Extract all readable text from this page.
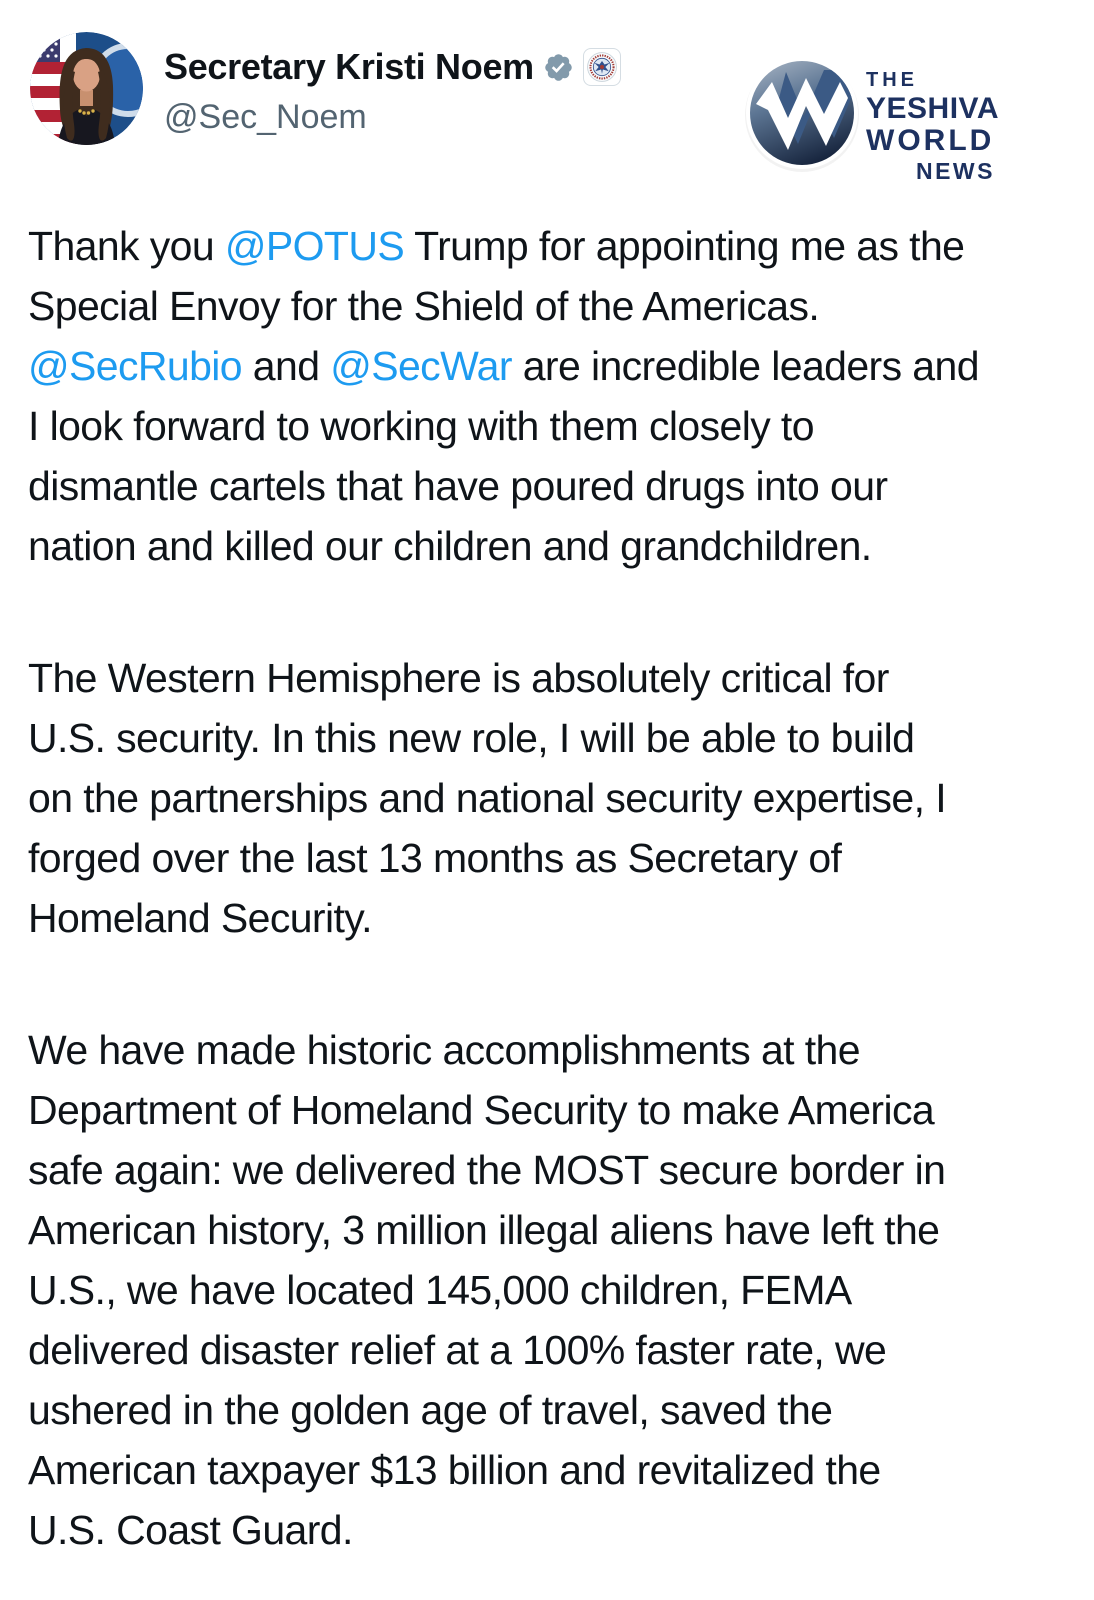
Secretary Kristi Noem
@Sec_Noem
THE
YESHIVA
WORLD
NEWS
Thank you @POTUS Trump for appointing me as the
Special Envoy for the Shield of the Americas.
@SecRubio and @SecWar are incredible leaders and
I look forward to working with them closely to
dismantle cartels that have poured drugs into our
nation and killed our children and grandchildren.
The Western Hemisphere is absolutely critical for
U.S. security. In this new role, I will be able to build
on the partnerships and national security expertise, I
forged over the last 13 months as Secretary of
Homeland Security.
We have made historic accomplishments at the
Department of Homeland Security to make America
safe again: we delivered the MOST secure border in
American history, 3 million illegal aliens have left the
U.S., we have located 145,000 children, FEMA
delivered disaster relief at a 100% faster rate, we
ushered in the golden age of travel, saved the
American taxpayer $13 billion and revitalized the
U.S. Coast Guard.
